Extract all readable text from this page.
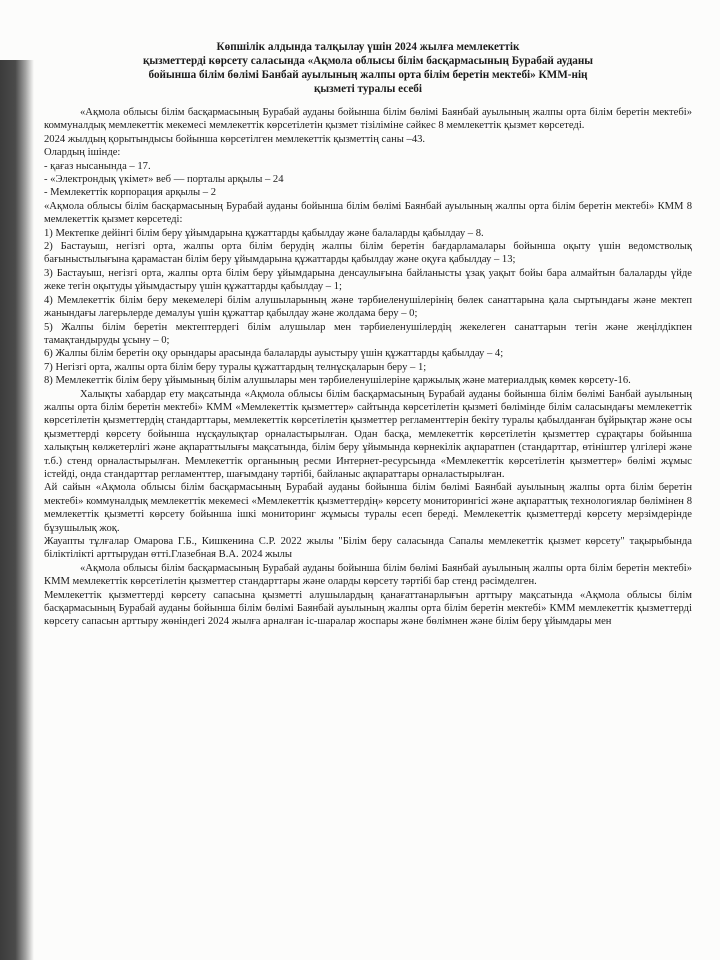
Көпшілік алдында талқылау үшін 2024 жылға мемлекеттік
қызметтерді көрсету саласында «Ақмола облысы білім басқармасының Бурабай ауданы
бойынша білім бөлімі Банбай ауылының жалпы орта білім беретін мектебі» КММ-нің
қызметі туралы есебі

«Ақмола облысы білім басқармасының Бурабай ауданы бойынша білім бөлімі Баянбай ауылының жалпы орта білім беретін мектебі» коммуналдық мемлекеттік мекемесі мемлекеттік көрсетілетін қызмет тізіліміне сәйкес 8 мемлекеттік қызмет көрсетеді.

2024 жылдың қорытындысы бойынша көрсетілген мемлекеттік қызметтің саны –43.

Олардың ішінде:

- қағаз нысанында – 17.

- «Электрондық үкімет» веб — порталы арқылы – 24

- Мемлекеттік корпорация арқылы – 2

«Ақмола облысы білім басқармасының Бурабай ауданы бойынша білім бөлімі Баянбай ауылының жалпы орта білім беретін мектебі» КММ 8 мемлекеттік қызмет көрсетеді:

1) Мектепке дейінгі білім беру ұйымдарына құжаттарды қабылдау және балаларды қабылдау – 8.

2) Бастауыш, негізгі орта, жалпы орта білім берудің жалпы білім беретін бағдарламалары бойынша оқыту үшін ведомстволық бағыныстылығына қарамастан білім беру ұйымдарына құжаттарды қабылдау және оқуға қабылдау – 13;

3) Бастауыш, негізгі орта, жалпы орта білім беру ұйымдарына денсаулығына байланысты ұзақ уақыт бойы бара алмайтын балаларды үйде жеке тегін оқытуды ұйымдастыру үшін құжаттарды қабылдау – 1;

4) Мемлекеттік білім беру мекемелері білім алушыларының және тәрбиеленушілерінің бөлек санаттарына қала сыртындағы және мектеп жанындағы лагерьлерде демалуы үшін құжаттар қабылдау және жолдама беру – 0;

5) Жалпы білім беретін мектептердегі білім алушылар мен тәрбиеленушілердің жекелеген санаттарын тегін және жеңілдікпен тамақтандыруды ұсыну – 0;

6) Жалпы білім беретін оқу орындары арасында балаларды ауыстыру үшін құжаттарды қабылдау – 4;

7) Негізгі орта, жалпы орта білім беру туралы құжаттардың телнұсқаларын беру – 1;

8) Мемлекеттік білім беру ұйымының білім алушылары мен тәрбиеленушілеріне қаржылық және материалдық көмек көрсету-16.

Халықты хабардар ету мақсатында «Ақмола облысы білім басқармасының Бурабай ауданы бойынша білім бөлімі Банбай ауылының жалпы орта білім беретін мектебі» КММ «Мемлекеттік қызметтер» сайтында көрсетілетін қызметі бөлімінде білім саласындағы мемлекеттік көрсетілетін қызметтердің стандарттары, мемлекеттік көрсетілетін қызметтер регламенттерін бекіту туралы қабылданған бұйрықтар және осы қызметтерді көрсету бойынша нұсқаулықтар орналастырылған. Одан басқа, мемлекеттік көрсетілетін қызметтер сұрақтары бойынша халықтың көлжетерлігі және ақпараттылығы мақсатында, білім беру ұйымында көрнекілік ақпаратпен (стандарттар, өтініштер үлгілері және т.б.) стенд орналастырылған. Мемлекеттік органының ресми Интернет-ресурсында «Мемлекеттік көрсетілетін қызметтер» бөлімі жұмыс істейді, онда стандарттар регламенттер, шағымдану тәртібі, байланыс ақпараттары орналастырылған.

Ай сайын «Ақмола облысы білім басқармасының Бурабай ауданы бойынша білім бөлімі Баянбай ауылының жалпы орта білім беретін мектебі» коммуналдық мемлекеттік мекемесі «Мемлекеттік қызметтердің» көрсету мониторингісі және ақпараттық технологиялар бөлімінен 8 мемлекеттік қызметті көрсету бойынша ішкі мониторинг жұмысы туралы есеп береді. Мемлекеттік қызметтерді көрсету мерзімдерінде бұзушылық жоқ.

Жауапты тұлғалар Омарова Г.Б., Кишкенина С.Р. 2022 жылы "Білім беру саласында Сапалы мемлекеттік қызмет көрсету" тақырыбында біліктілікті арттырудан өтті.Глазебная В.А. 2024 жылы

«Ақмола облысы білім басқармасының Бурабай ауданы бойынша білім бөлімі Баянбай ауылының жалпы орта білім беретін мектебі» КММ мемлекеттік көрсетілетін қызметтер стандарттары және оларды көрсету тәртібі бар стенд рәсімделген.

Мемлекеттік қызметтерді көрсету сапасына қызметті алушылардың қанағаттанарлығын арттыру мақсатында «Ақмола облысы білім басқармасының Бурабай ауданы бойынша білім бөлімі Баянбай ауылының жалпы орта білім беретін мектебі» КММ мемлекеттік қызметтерді көрсету сапасын арттыру жөніндегі 2024 жылға арналған іс-шаралар жоспары және бөлімнен және білім беру ұйымдары мен
